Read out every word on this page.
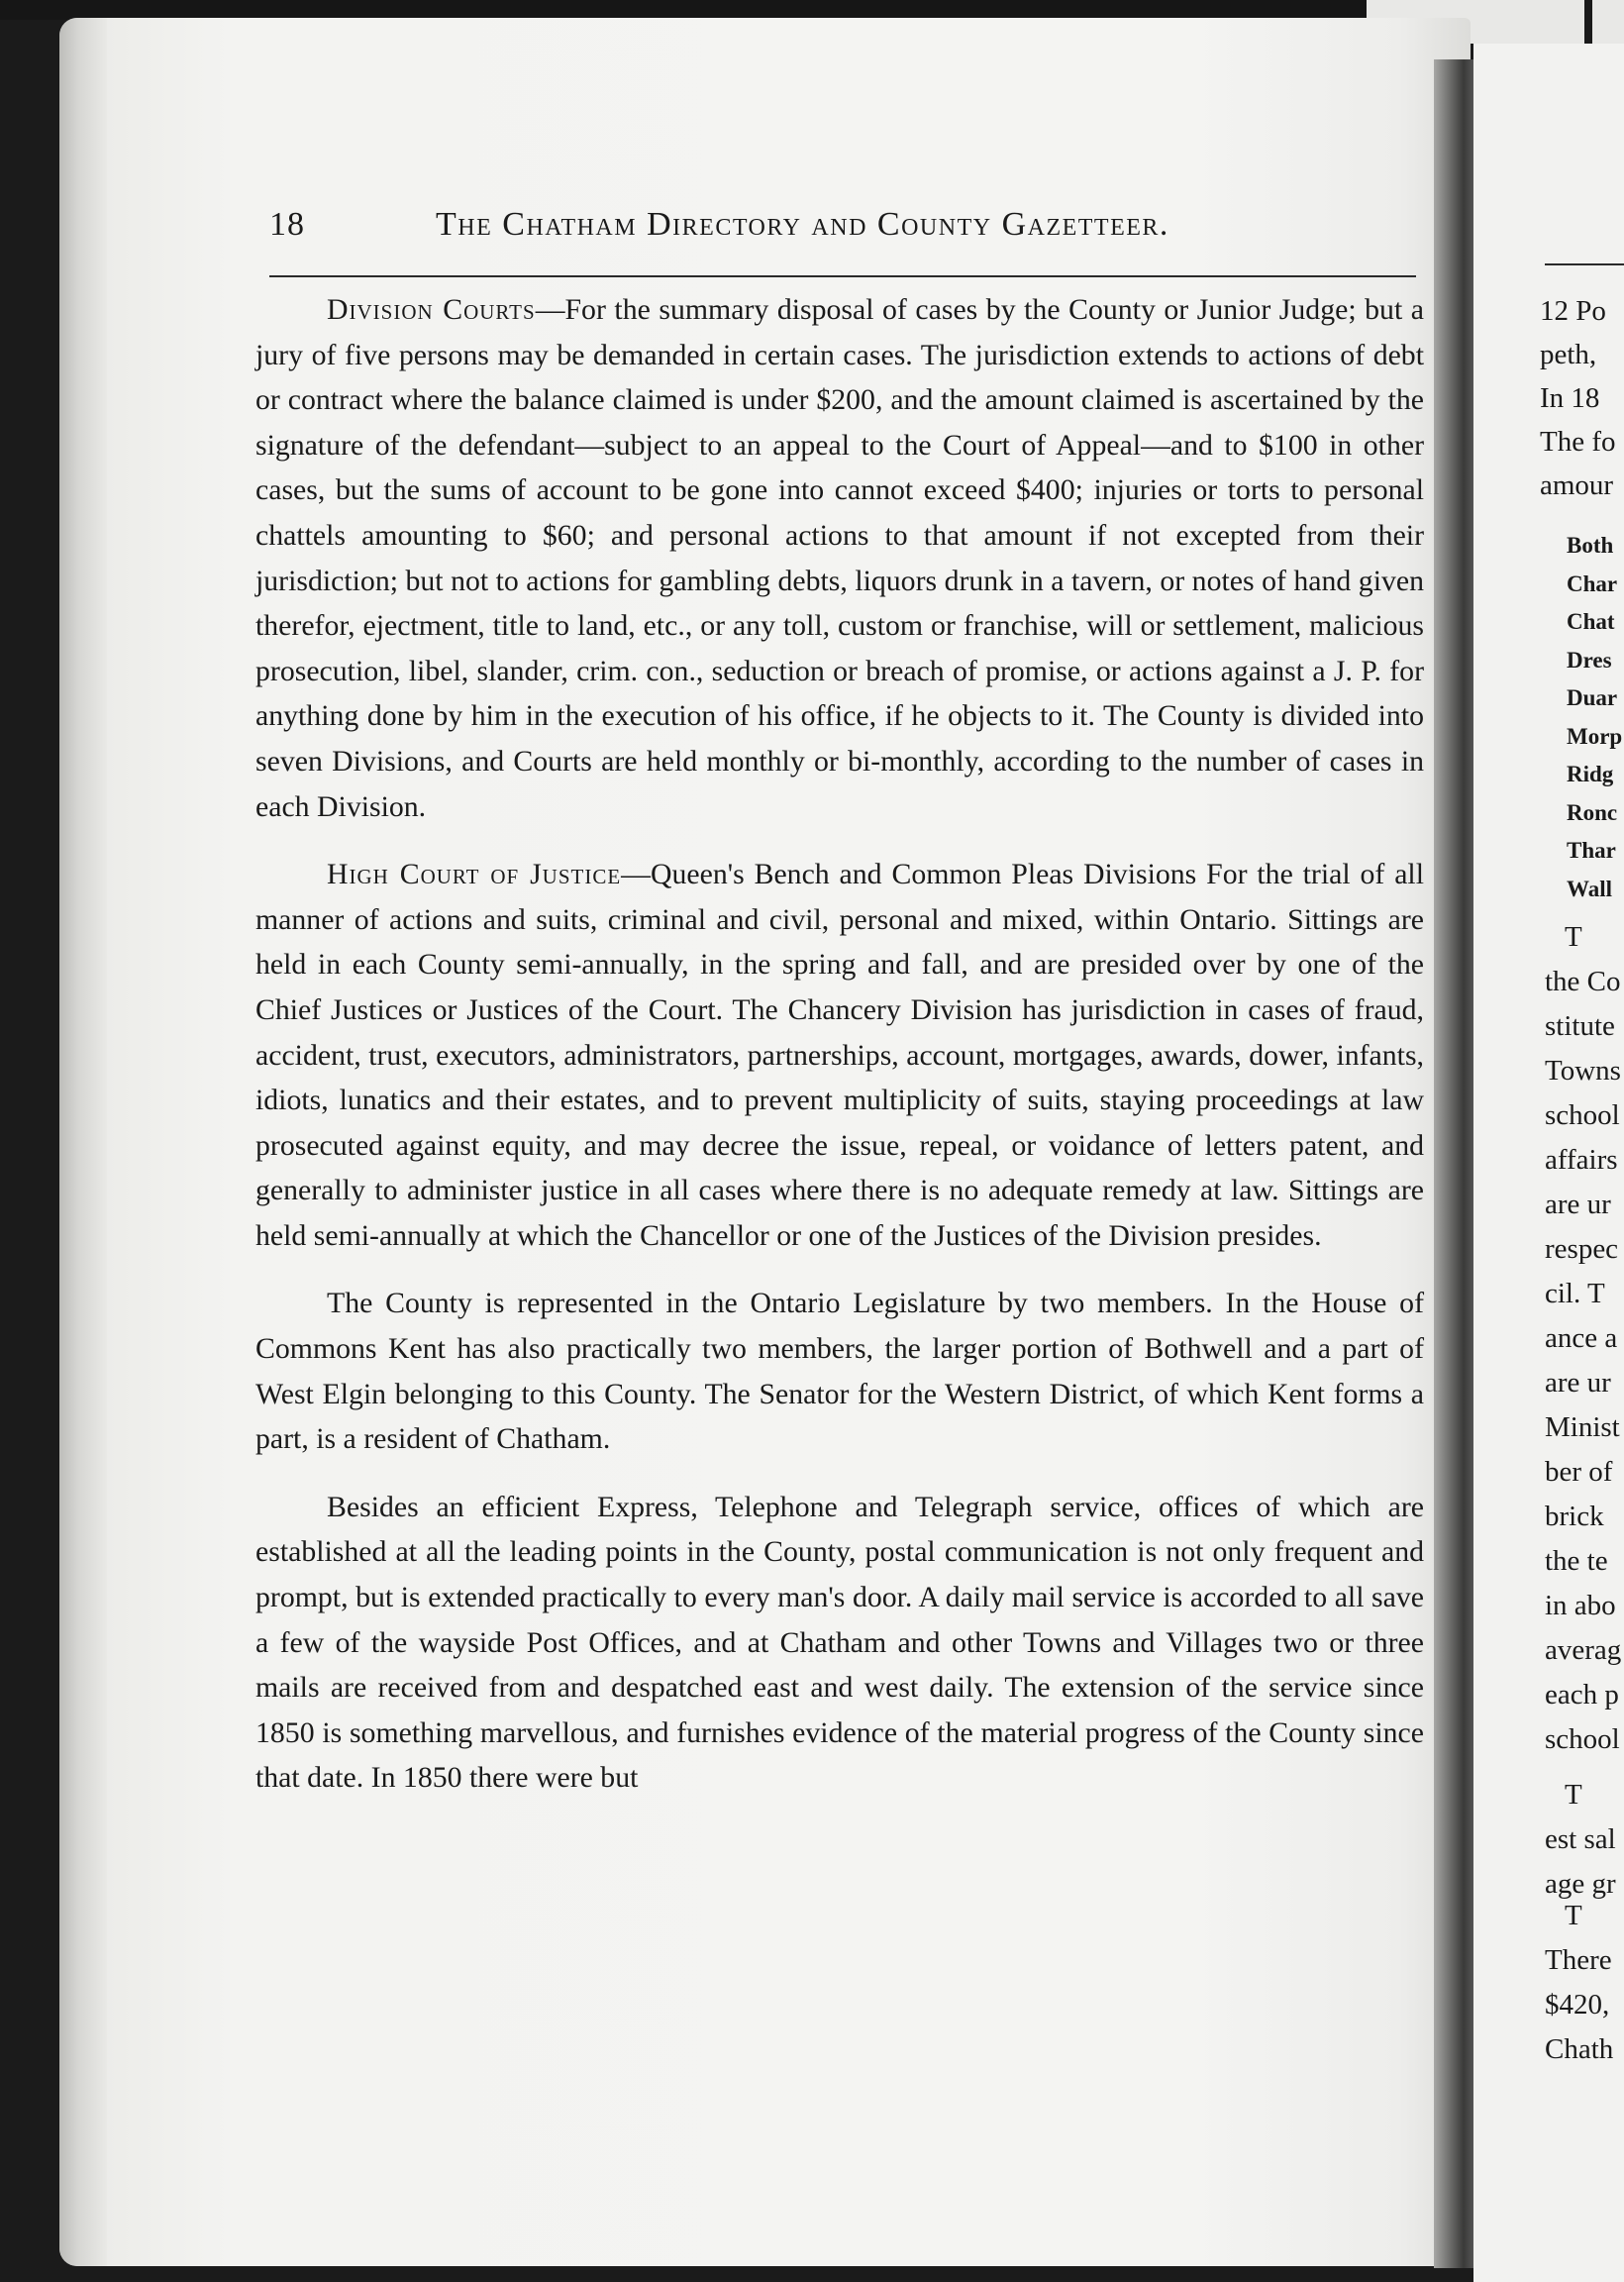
18	The Chatham Directory and County Gazetteer.

Division Courts—For the summary disposal of cases by the County or Junior Judge; but a jury of five persons may be demanded in certain cases. The jurisdiction extends to actions of debt or contract where the balance claimed is under $200, and the amount claimed is ascertained by the signature of the defendant—subject to an appeal to the Court of Appeal—and to $100 in other cases, but the sums of account to be gone into cannot exceed $400; injuries or torts to personal chattels amounting to $60; and personal actions to that amount if not excepted from their jurisdiction; but not to actions for gambling debts, liquors drunk in a tavern, or notes of hand given therefor, ejectment, title to land, etc., or any toll, custom or franchise, will or settlement, malicious prosecution, libel, slander, crim. con., seduction or breach of promise, or actions against a J. P. for anything done by him in the execution of his office, if he objects to it. The County is divided into seven Divisions, and Courts are held monthly or bi-monthly, according to the number of cases in each Division.

High Court of Justice—Queen's Bench and Common Pleas Divisions For the trial of all manner of actions and suits, criminal and civil, personal and mixed, within Ontario. Sittings are held in each County semi-annually, in the spring and fall, and are presided over by one of the Chief Justices or Justices of the Court. The Chancery Division has jurisdiction in cases of fraud, accident, trust, executors, administrators, partnerships, account, mortgages, awards, dower, infants, idiots, lunatics and their estates, and to prevent multiplicity of suits, staying proceedings at law prosecuted against equity, and may decree the issue, repeal, or voidance of letters patent, and generally to administer justice in all cases where there is no adequate remedy at law. Sittings are held semi-annually at which the Chancellor or one of the Justices of the Division presides.

The County is represented in the Ontario Legislature by two members. In the House of Commons Kent has also practically two members, the larger portion of Bothwell and a part of West Elgin belonging to this County. The Senator for the Western District, of which Kent forms a part, is a resident of Chatham.

Besides an efficient Express, Telephone and Telegraph service, offices of which are established at all the leading points in the County, postal communication is not only frequent and prompt, but is extended practically to every man's door. A daily mail service is accorded to all save a few of the wayside Post Offices, and at Chatham and other Towns and Villages two or three mails are received from and despatched east and west daily. The extension of the service since 1850 is something marvellous, and furnishes evidence of the material progress of the County since that date. In 1850 there were but

12 Po
peth,
In 18
The fo
amour
Both
Char
Chat
Dres
Duar
Morp
Ridg
Ronc
Thar
Wall
T
the Co
stitute
Towns
school
affairs
are ur
respec
cil. T
ance a
are ur
Minist
ber of
brick
the te
in abo
averag
each p
school
T
est sal
age gr
T
There
$420,
Chath
